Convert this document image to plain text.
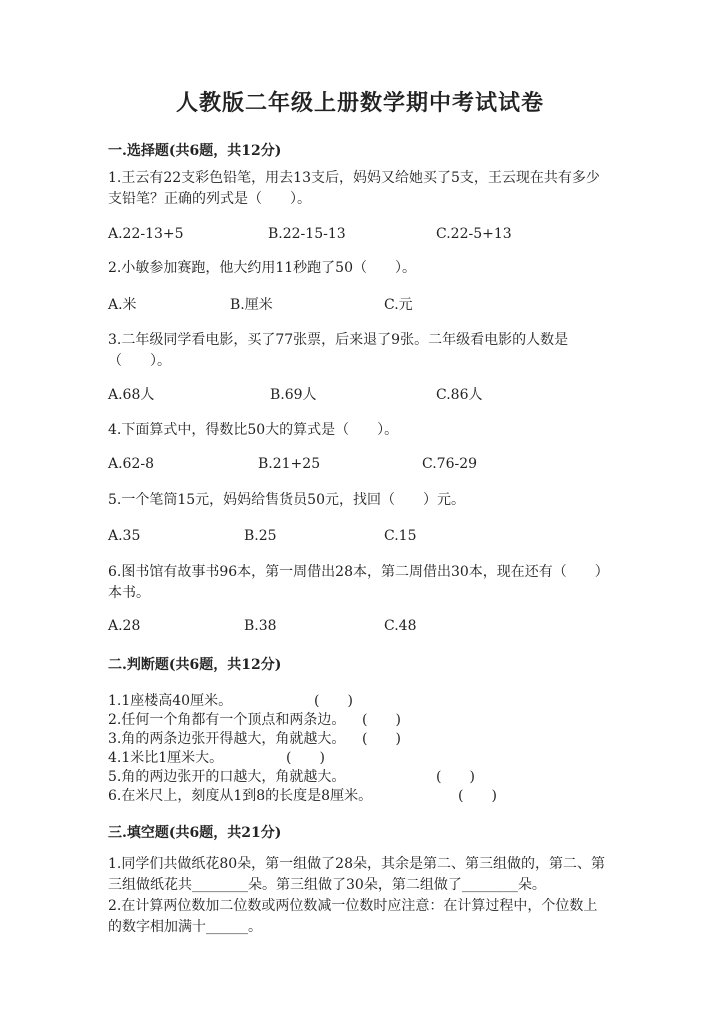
人教版二年级上册数学期中考试试卷
一.选择题(共6题，共12分)
1.王云有22支彩色铅笔，用去13支后，妈妈又给她买了5支，王云现在共有多少支铅笔？正确的列式是（　　）。
A.22-13+5	B.22-15-13	C.22-5+13
2.小敏参加赛跑，他大约用11秒跑了50（　　）。
A.米	B.厘米	C.元
3.二年级同学看电影，买了77张票，后来退了9张。二年级看电影的人数是（　　）。
A.68人	B.69人	C.86人
4.下面算式中，得数比50大的算式是（　　）。
A.62-8	B.21+25	C.76-29
5.一个笔筒15元，妈妈给售货员50元，找回（　　）元。
A.35	B.25	C.15
6.图书馆有故事书96本，第一周借出28本，第二周借出30本，现在还有（　　）本书。
A.28	B.38	C.48
二.判断题(共6题，共12分)
1.1座楼高40厘米。	(　　)
2.任何一个角都有一个顶点和两条边。 (　　)
3.角的两条边张开得越大，角就越大。 (　　)
4.1米比1厘米大。	(　　)
5.角的两边张开的口越大，角就越大。	(　　)
6.在米尺上，刻度从1到8的长度是8厘米。	(　　)
三.填空题(共6题，共21分)
1.同学们共做纸花80朵，第一组做了28朵，其余是第二、第三组做的，第二、第三组做纸花共________朵。第三组做了30朵，第二组做了________朵。
2.在计算两位数加二位数或两位数减一位数时应注意：在计算过程中，个位数上的数字相加满十______。
